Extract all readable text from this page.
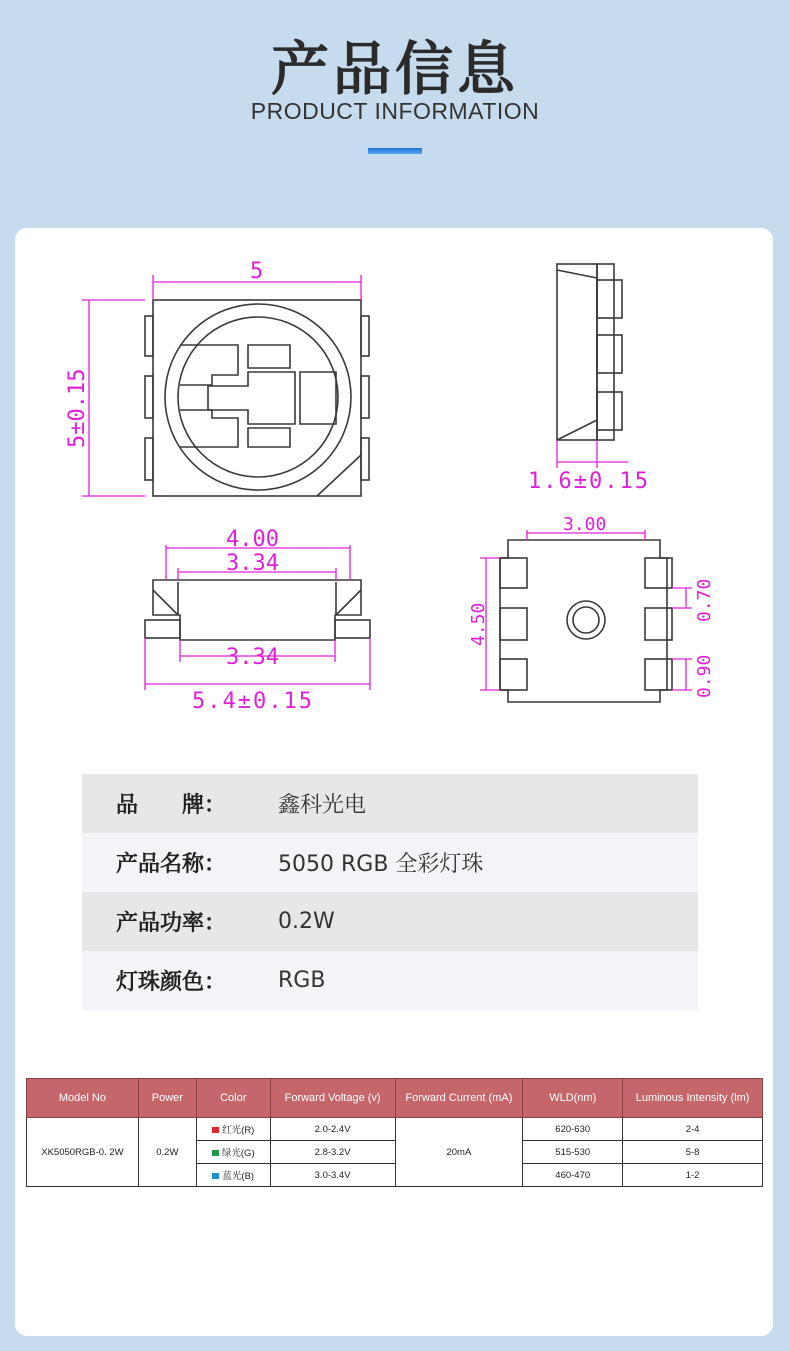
产品信息
PRODUCT INFORMATION
5
5±0.15
1.6±0.15
4.00
3.34
3.34
5.4±0.15
3.00
4.50
0.70
0.90
品　　牌：	鑫科光电
产品名称：	5050 RGB 全彩灯珠
产品功率：	0.2W
灯珠颜色：	RGB
Model No	Power	Color	Forward Voltage (v)	Forward Current (mA)	WLD(nm)	Luminous Intensity (lm)
XK5050RGB-0. 2W	0.2W	红光(R)	2.0-2.4V	20mA	620-630	2-4
		绿光(G)	2.8-3.2V		515-530	5-8
		蓝光(B)	3.0-3.4V		460-470	1-2
